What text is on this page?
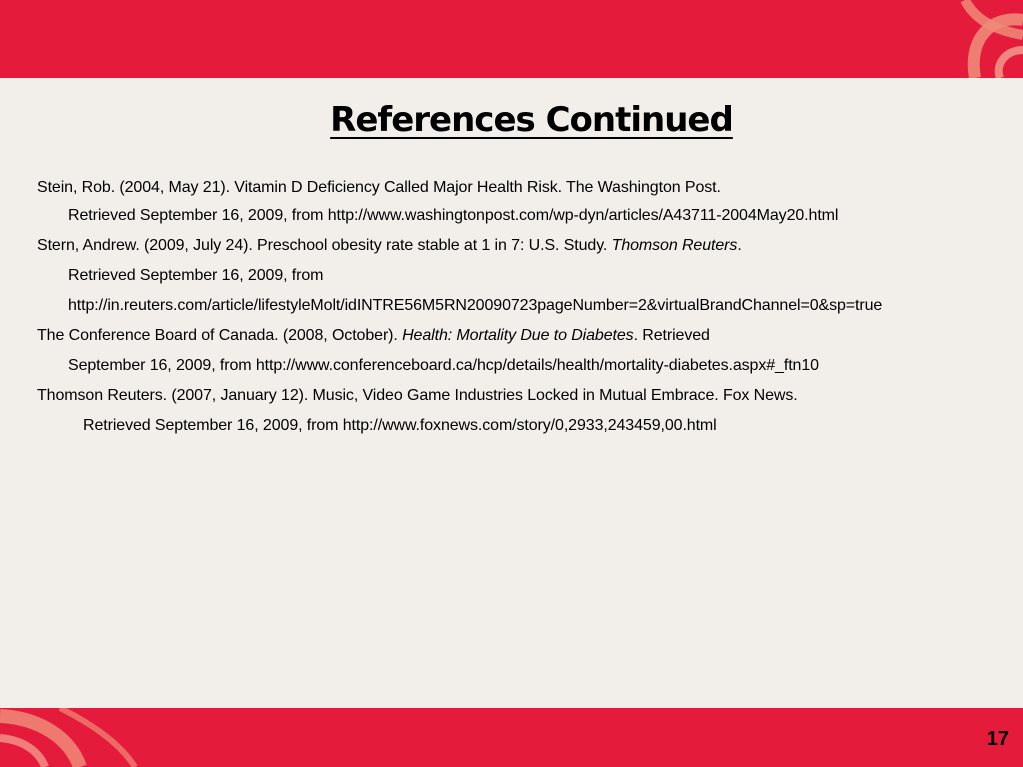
References Continued
Stein, Rob. (2004, May 21). Vitamin D Deficiency Called Major Health Risk. The Washington Post.
Retrieved September 16, 2009, from http://www.washingtonpost.com/wp-dyn/articles/A43711-2004May20.html
Stern, Andrew. (2009, July 24). Preschool obesity rate stable at 1 in 7: U.S. Study. Thomson Reuters.
Retrieved September 16, 2009, from
http://in.reuters.com/article/lifestyleMolt/idINTRE56M5RN20090723pageNumber=2&virtualBrandChannel=0&sp=true
The Conference Board of Canada. (2008, October). Health: Mortality Due to Diabetes. Retrieved
September 16, 2009, from http://www.conferenceboard.ca/hcp/details/health/mortality-diabetes.aspx#_ftn10
Thomson Reuters. (2007, January 12). Music, Video Game Industries Locked in Mutual Embrace. Fox News.
Retrieved September 16, 2009, from http://www.foxnews.com/story/0,2933,243459,00.html
17
